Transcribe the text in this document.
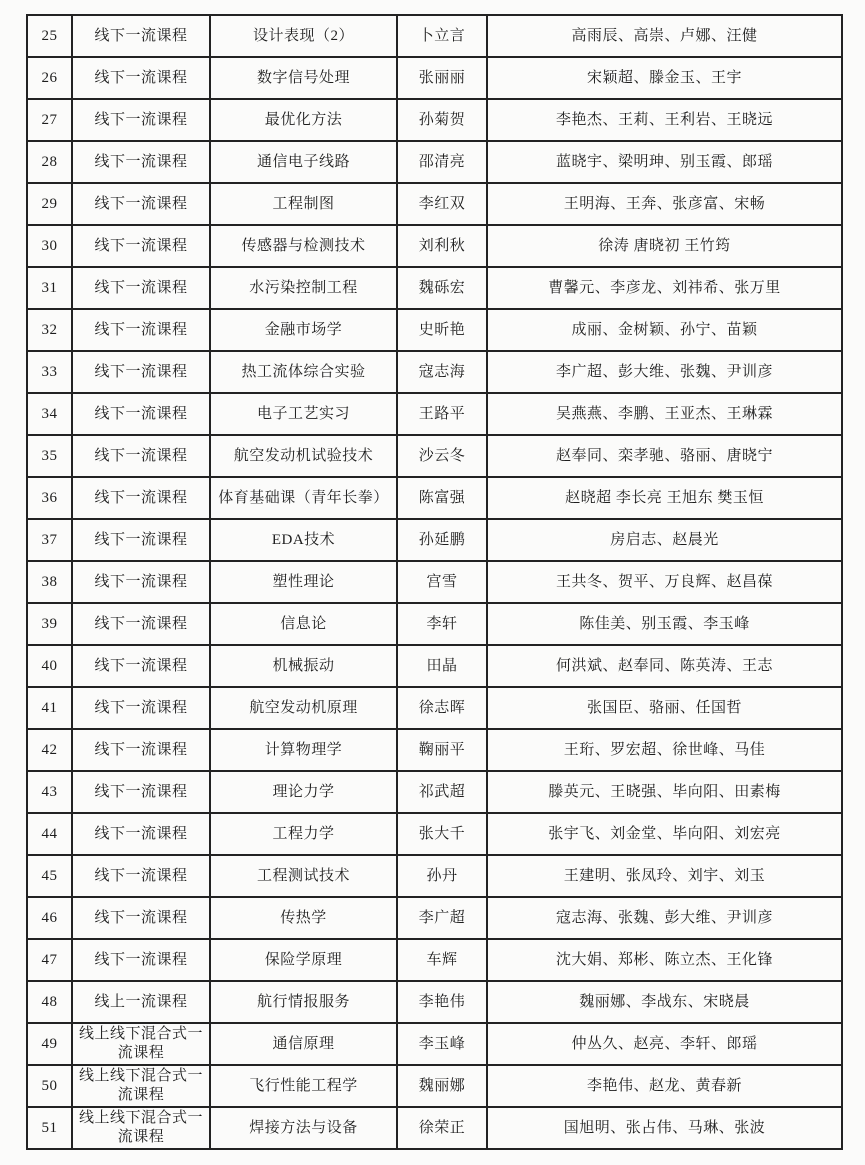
25	线下一流课程	设计表现（2）	卜立言	高雨辰、高崇、卢娜、汪健
26	线下一流课程	数字信号处理	张丽丽	宋颖超、滕金玉、王宇
27	线下一流课程	最优化方法	孙菊贺	李艳杰、王莉、王利岩、王晓远
28	线下一流课程	通信电子线路	邵清亮	蓝晓宇、梁明珅、别玉霞、郎瑶
29	线下一流课程	工程制图	李红双	王明海、王奔、张彦富、宋畅
30	线下一流课程	传感器与检测技术	刘利秋	徐涛 唐晓初 王竹筠
31	线下一流课程	水污染控制工程	魏砾宏	曹馨元、李彦龙、刘祎希、张万里
32	线下一流课程	金融市场学	史昕艳	成丽、金树颖、孙宁、苗颖
33	线下一流课程	热工流体综合实验	寇志海	李广超、彭大维、张魏、尹训彦
34	线下一流课程	电子工艺实习	王路平	吴燕燕、李鹏、王亚杰、王琳霖
35	线下一流课程	航空发动机试验技术	沙云冬	赵奉同、栾孝驰、骆丽、唐晓宁
36	线下一流课程	体育基础课（青年长拳）	陈富强	赵晓超 李长亮 王旭东 樊玉恒
37	线下一流课程	EDA技术	孙延鹏	房启志、赵晨光
38	线下一流课程	塑性理论	宫雪	王共冬、贺平、万良辉、赵昌葆
39	线下一流课程	信息论	李轩	陈佳美、别玉霞、李玉峰
40	线下一流课程	机械振动	田晶	何洪斌、赵奉同、陈英涛、王志
41	线下一流课程	航空发动机原理	徐志晖	张国臣、骆丽、任国哲
42	线下一流课程	计算物理学	鞠丽平	王珩、罗宏超、徐世峰、马佳
43	线下一流课程	理论力学	祁武超	滕英元、王晓强、毕向阳、田素梅
44	线下一流课程	工程力学	张大千	张宇飞、刘金堂、毕向阳、刘宏亮
45	线下一流课程	工程测试技术	孙丹	王建明、张凤玲、刘宇、刘玉
46	线下一流课程	传热学	李广超	寇志海、张魏、彭大维、尹训彦
47	线下一流课程	保险学原理	车辉	沈大娟、郑彬、陈立杰、王化锋
48	线上一流课程	航行情报服务	李艳伟	魏丽娜、李战东、宋晓晨
49	线上线下混合式一流课程	通信原理	李玉峰	仲丛久、赵亮、李轩、郎瑶
50	线上线下混合式一流课程	飞行性能工程学	魏丽娜	李艳伟、赵龙、黄春新
51	线上线下混合式一流课程	焊接方法与设备	徐荣正	国旭明、张占伟、马琳、张波
